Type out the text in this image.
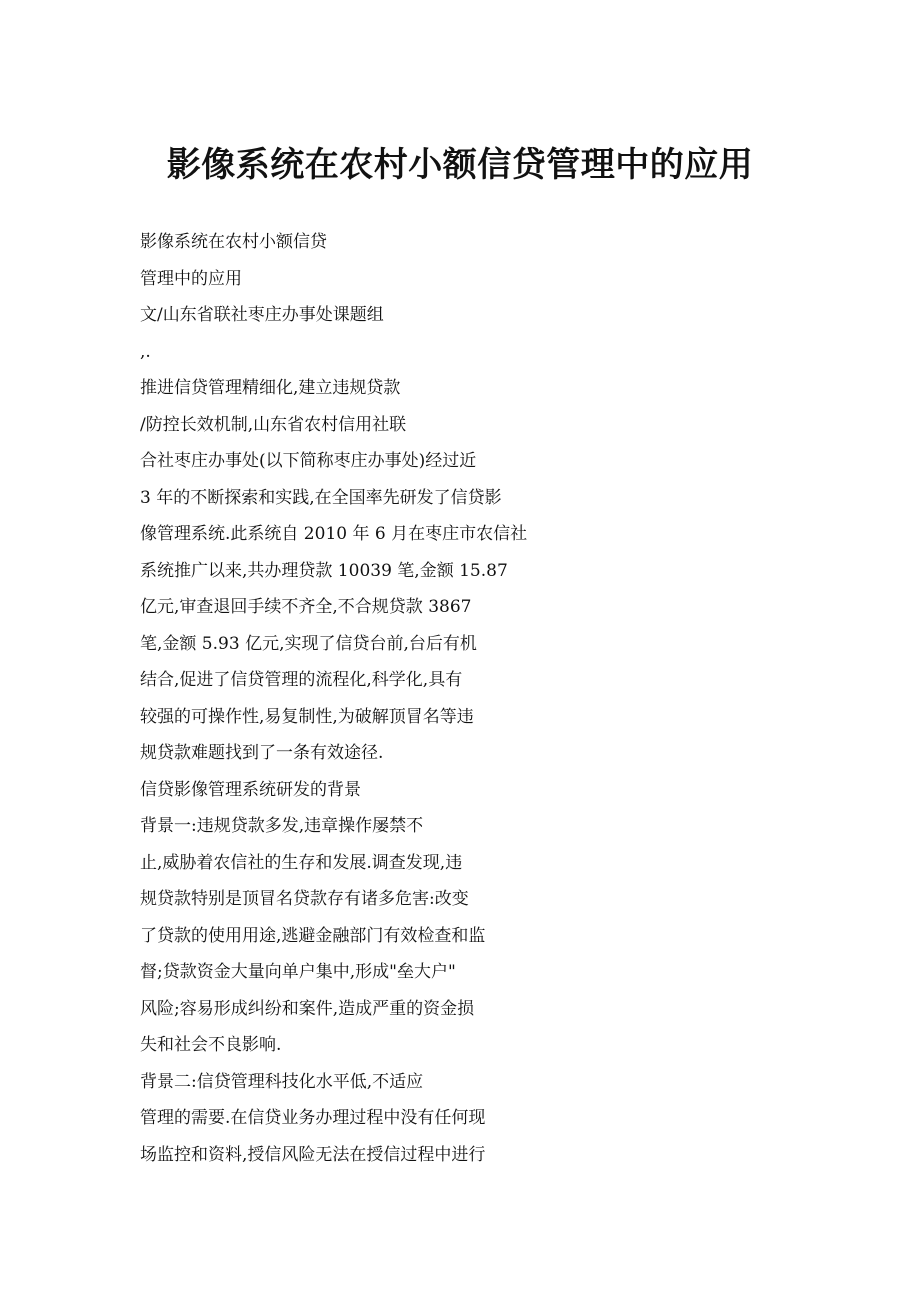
影像系统在农村小额信贷管理中的应用

影像系统在农村小额信贷

管理中的应用

文/山东省联社枣庄办事处课题组

,.

推进信贷管理精细化,建立违规贷款

/防控长效机制,山东省农村信用社联

合社枣庄办事处(以下简称枣庄办事处)经过近

3 年的不断探索和实践,在全国率先研发了信贷影

像管理系统.此系统自 2010 年 6 月在枣庄市农信社

系统推广以来,共办理贷款 10039 笔,金额 15.87

亿元,审查退回手续不齐全,不合规贷款 3867

笔,金额 5.93 亿元,实现了信贷台前,台后有机

结合,促进了信贷管理的流程化,科学化,具有

较强的可操作性,易复制性,为破解顶冒名等违

规贷款难题找到了一条有效途径.

信贷影像管理系统研发的背景

背景一:违规贷款多发,违章操作屡禁不

止,威胁着农信社的生存和发展.调查发现,违

规贷款特别是顶冒名贷款存有诸多危害:改变

了贷款的使用用途,逃避金融部门有效检查和监

督;贷款资金大量向单户集中,形成"垒大户"

风险;容易形成纠纷和案件,造成严重的资金损

失和社会不良影响.

背景二:信贷管理科技化水平低,不适应

管理的需要.在信贷业务办理过程中没有任何现

场监控和资料,授信风险无法在授信过程中进行
